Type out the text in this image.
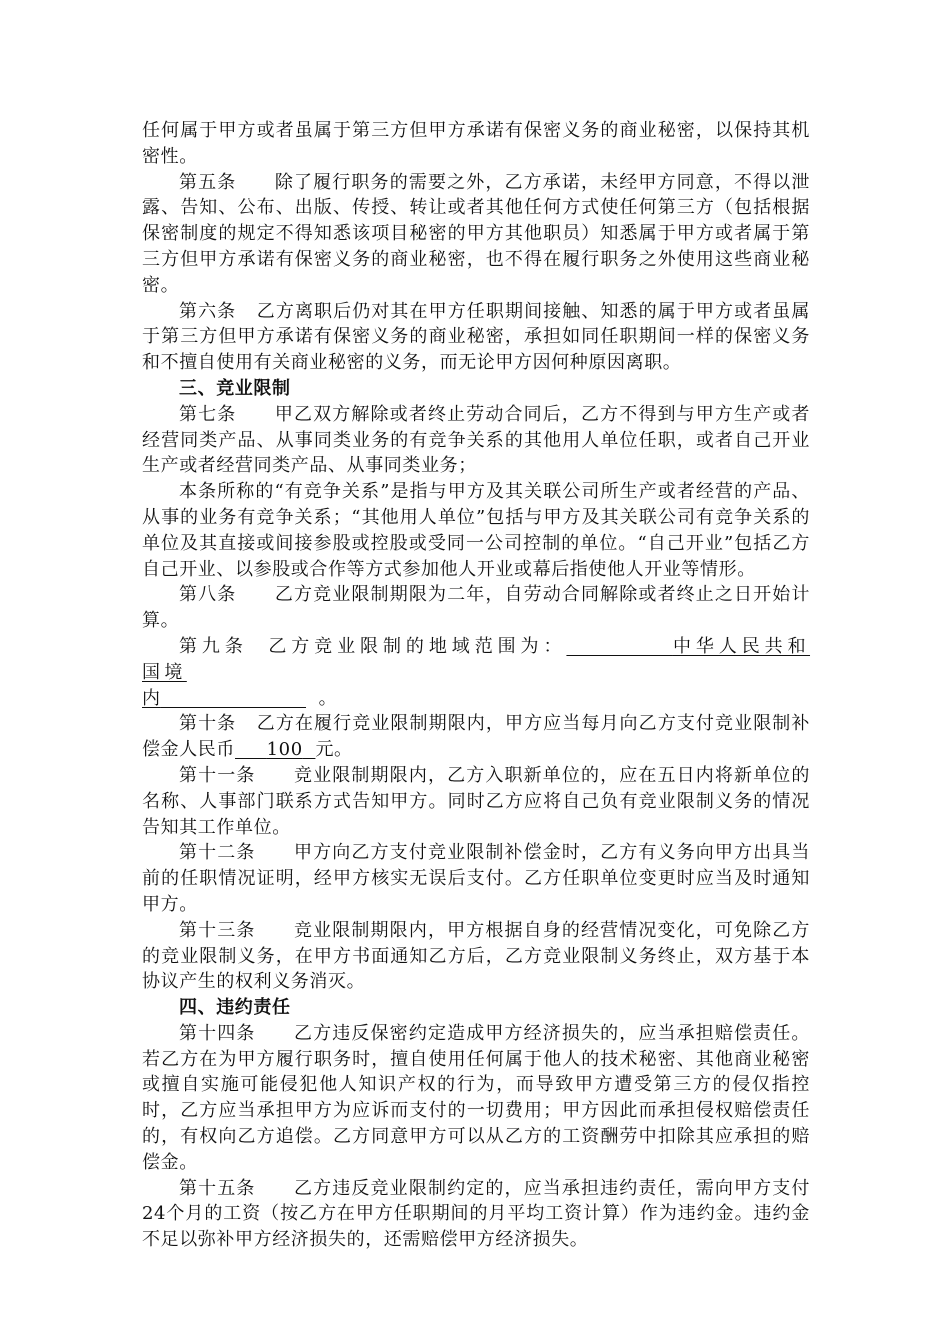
任何属于甲方或者虽属于第三方但甲方承诺有保密义务的商业秘密，以保持其机密性。

第五条 除了履行职务的需要之外，乙方承诺，未经甲方同意，不得以泄露、告知、公布、出版、传授、转让或者其他任何方式使任何第三方（包括根据保密制度的规定不得知悉该项目秘密的甲方其他职员）知悉属于甲方或者属于第三方但甲方承诺有保密义务的商业秘密，也不得在履行职务之外使用这些商业秘密。

第六条 乙方离职后仍对其在甲方任职期间接触、知悉的属于甲方或者虽属于第三方但甲方承诺有保密义务的商业秘密，承担如同任职期间一样的保密义务和不擅自使用有关商业秘密的义务，而无论甲方因何种原因离职。

三、竞业限制

第七条 甲乙双方解除或者终止劳动合同后，乙方不得到与甲方生产或者经营同类产品、从事同类业务的有竞争关系的其他用人单位任职，或者自己开业生产或者经营同类产品、从事同类业务；

本条所称的“有竞争关系”是指与甲方及其关联公司所生产或者经营的产品、从事的业务有竞争关系；“其他用人单位”包括与甲方及其关联公司有竞争关系的单位及其直接或间接参股或控股或受同一公司控制的单位。“自己开业”包括乙方自己开业、以参股或合作等方式参加他人开业或幕后指使他人开业等情形。

第八条 乙方竞业限制期限为二年，自劳动合同解除或者终止之日开始计算。

第九条 乙方竞业限制的地域范围为：	中华人民共和国境

内	。

第十条 乙方在履行竞业限制期限内，甲方应当每月向乙方支付竞业限制补偿金人民币 100 元。

第十一条 竞业限制期限内，乙方入职新单位的，应在五日内将新单位的名称、人事部门联系方式告知甲方。同时乙方应将自己负有竞业限制义务的情况告知其工作单位。

第十二条 甲方向乙方支付竞业限制补偿金时，乙方有义务向甲方出具当前的任职情况证明，经甲方核实无误后支付。乙方任职单位变更时应当及时通知甲方。

第十三条 竞业限制期限内，甲方根据自身的经营情况变化，可免除乙方的竞业限制义务，在甲方书面通知乙方后，乙方竞业限制义务终止，双方基于本协议产生的权利义务消灭。

四、违约责任

第十四条 乙方违反保密约定造成甲方经济损失的，应当承担赔偿责任。若乙方在为甲方履行职务时，擅自使用任何属于他人的技术秘密、其他商业秘密或擅自实施可能侵犯他人知识产权的行为，而导致甲方遭受第三方的侵仅指控时，乙方应当承担甲方为应诉而支付的一切费用；甲方因此而承担侵权赔偿责任的，有权向乙方追偿。乙方同意甲方可以从乙方的工资酬劳中扣除其应承担的赔偿金。

第十五条 乙方违反竞业限制约定的，应当承担违约责任，需向甲方支付24个月的工资（按乙方在甲方任职期间的月平均工资计算）作为违约金。违约金不足以弥补甲方经济损失的，还需赔偿甲方经济损失。
